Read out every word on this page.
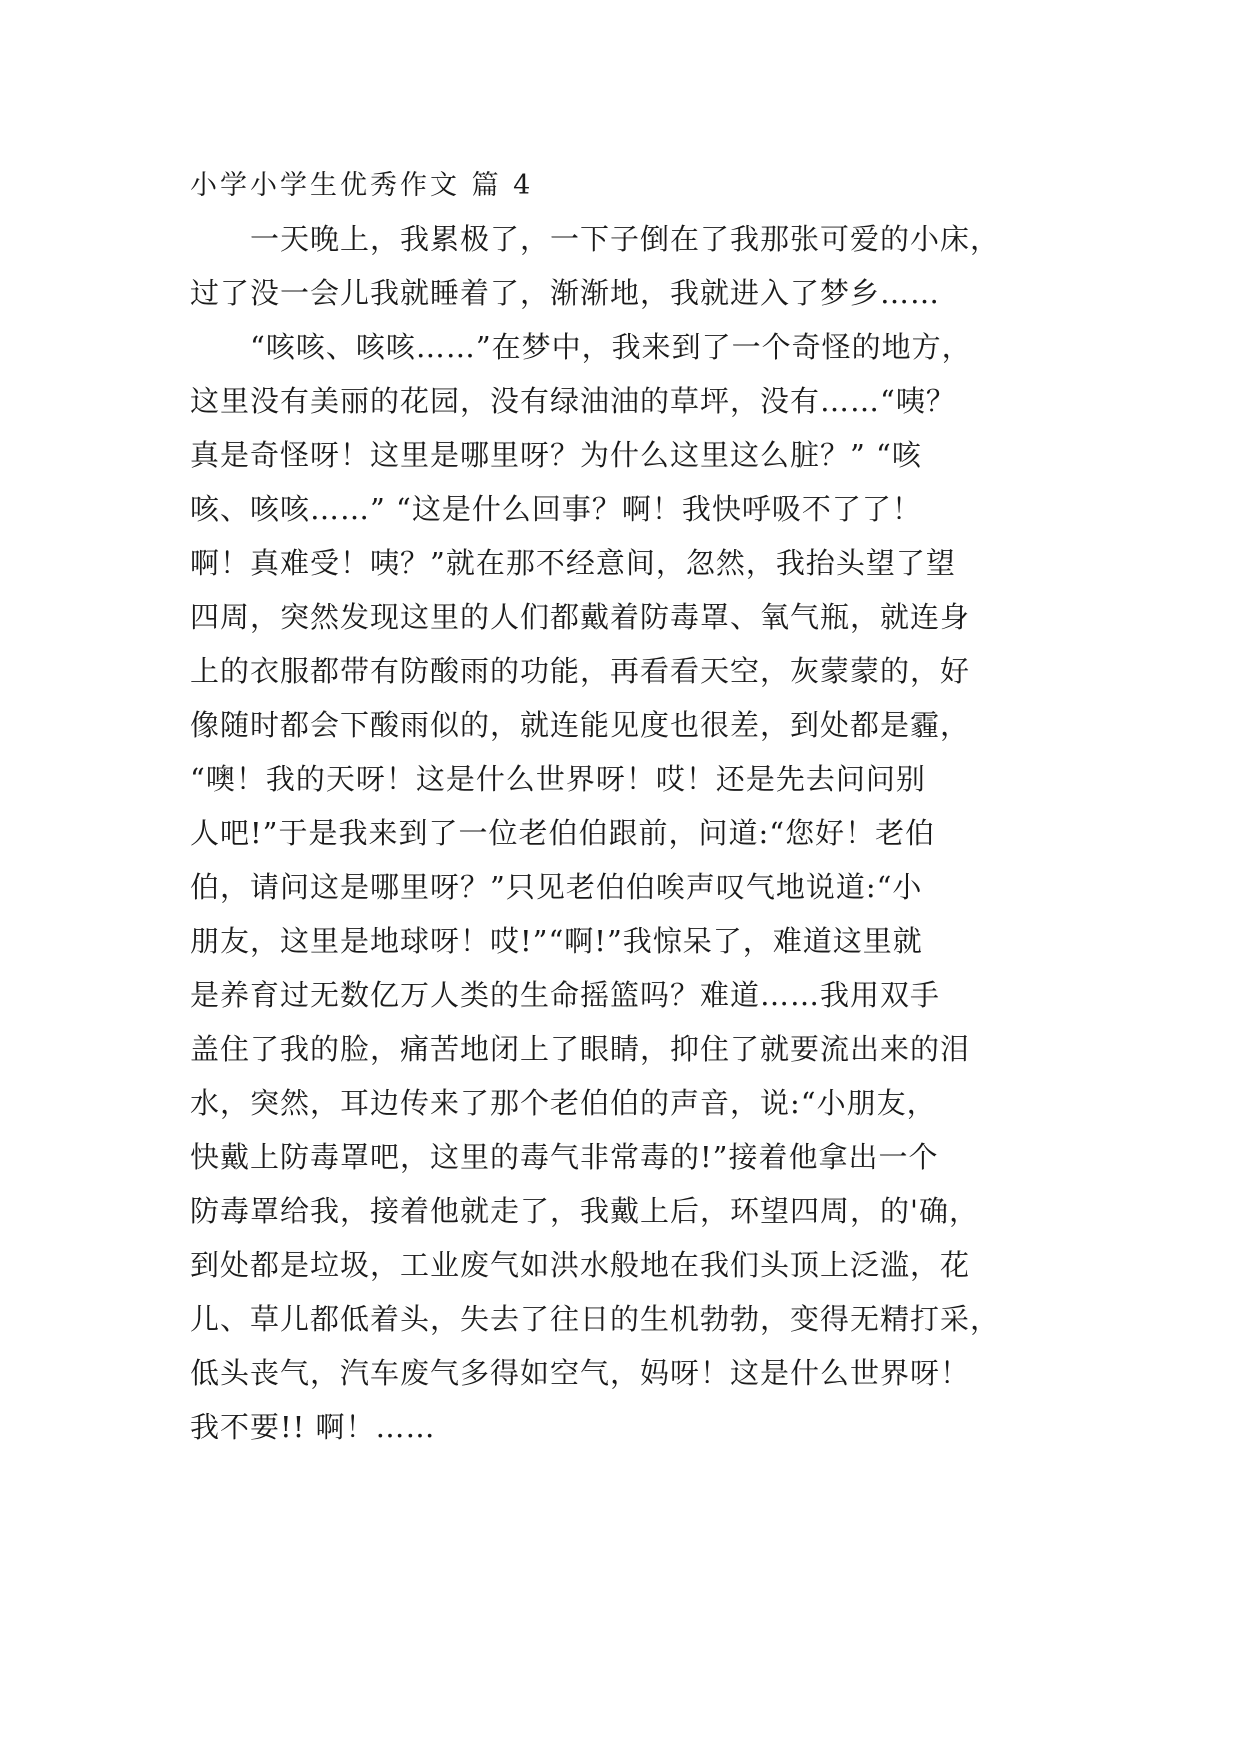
小学小学生优秀作文 篇 4
　　一天晚上，我累极了，一下子倒在了我那张可爱的小床，
过了没一会儿我就睡着了，渐渐地，我就进入了梦乡……
　　“咳咳、咳咳……”在梦中，我来到了一个奇怪的地方，
这里没有美丽的花园，没有绿油油的草坪，没有……“咦？
真是奇怪呀！这里是哪里呀？为什么这里这么脏？” “咳
咳、咳咳……” “这是什么回事？啊！我快呼吸不了了！
啊！真难受！咦？”就在那不经意间，忽然，我抬头望了望
四周，突然发现这里的人们都戴着防毒罩、氧气瓶，就连身
上的衣服都带有防酸雨的功能，再看看天空，灰蒙蒙的，好
像随时都会下酸雨似的，就连能见度也很差，到处都是霾，
“噢！我的天呀！这是什么世界呀！哎！还是先去问问别
人吧!”于是我来到了一位老伯伯跟前，问道:“您好！老伯
伯，请问这是哪里呀？”只见老伯伯唉声叹气地说道:“小
朋友，这里是地球呀！哎!”“啊!”我惊呆了，难道这里就
是养育过无数亿万人类的生命摇篮吗？难道……我用双手
盖住了我的脸，痛苦地闭上了眼睛，抑住了就要流出来的泪
水，突然，耳边传来了那个老伯伯的声音，说:“小朋友，
快戴上防毒罩吧，这里的毒气非常毒的!”接着他拿出一个
防毒罩给我，接着他就走了，我戴上后，环望四周，的'确，
到处都是垃圾，工业废气如洪水般地在我们头顶上泛滥，花
儿、草儿都低着头，失去了往日的生机勃勃，变得无精打采，
低头丧气，汽车废气多得如空气，妈呀！这是什么世界呀！
我不要!! 啊！……
